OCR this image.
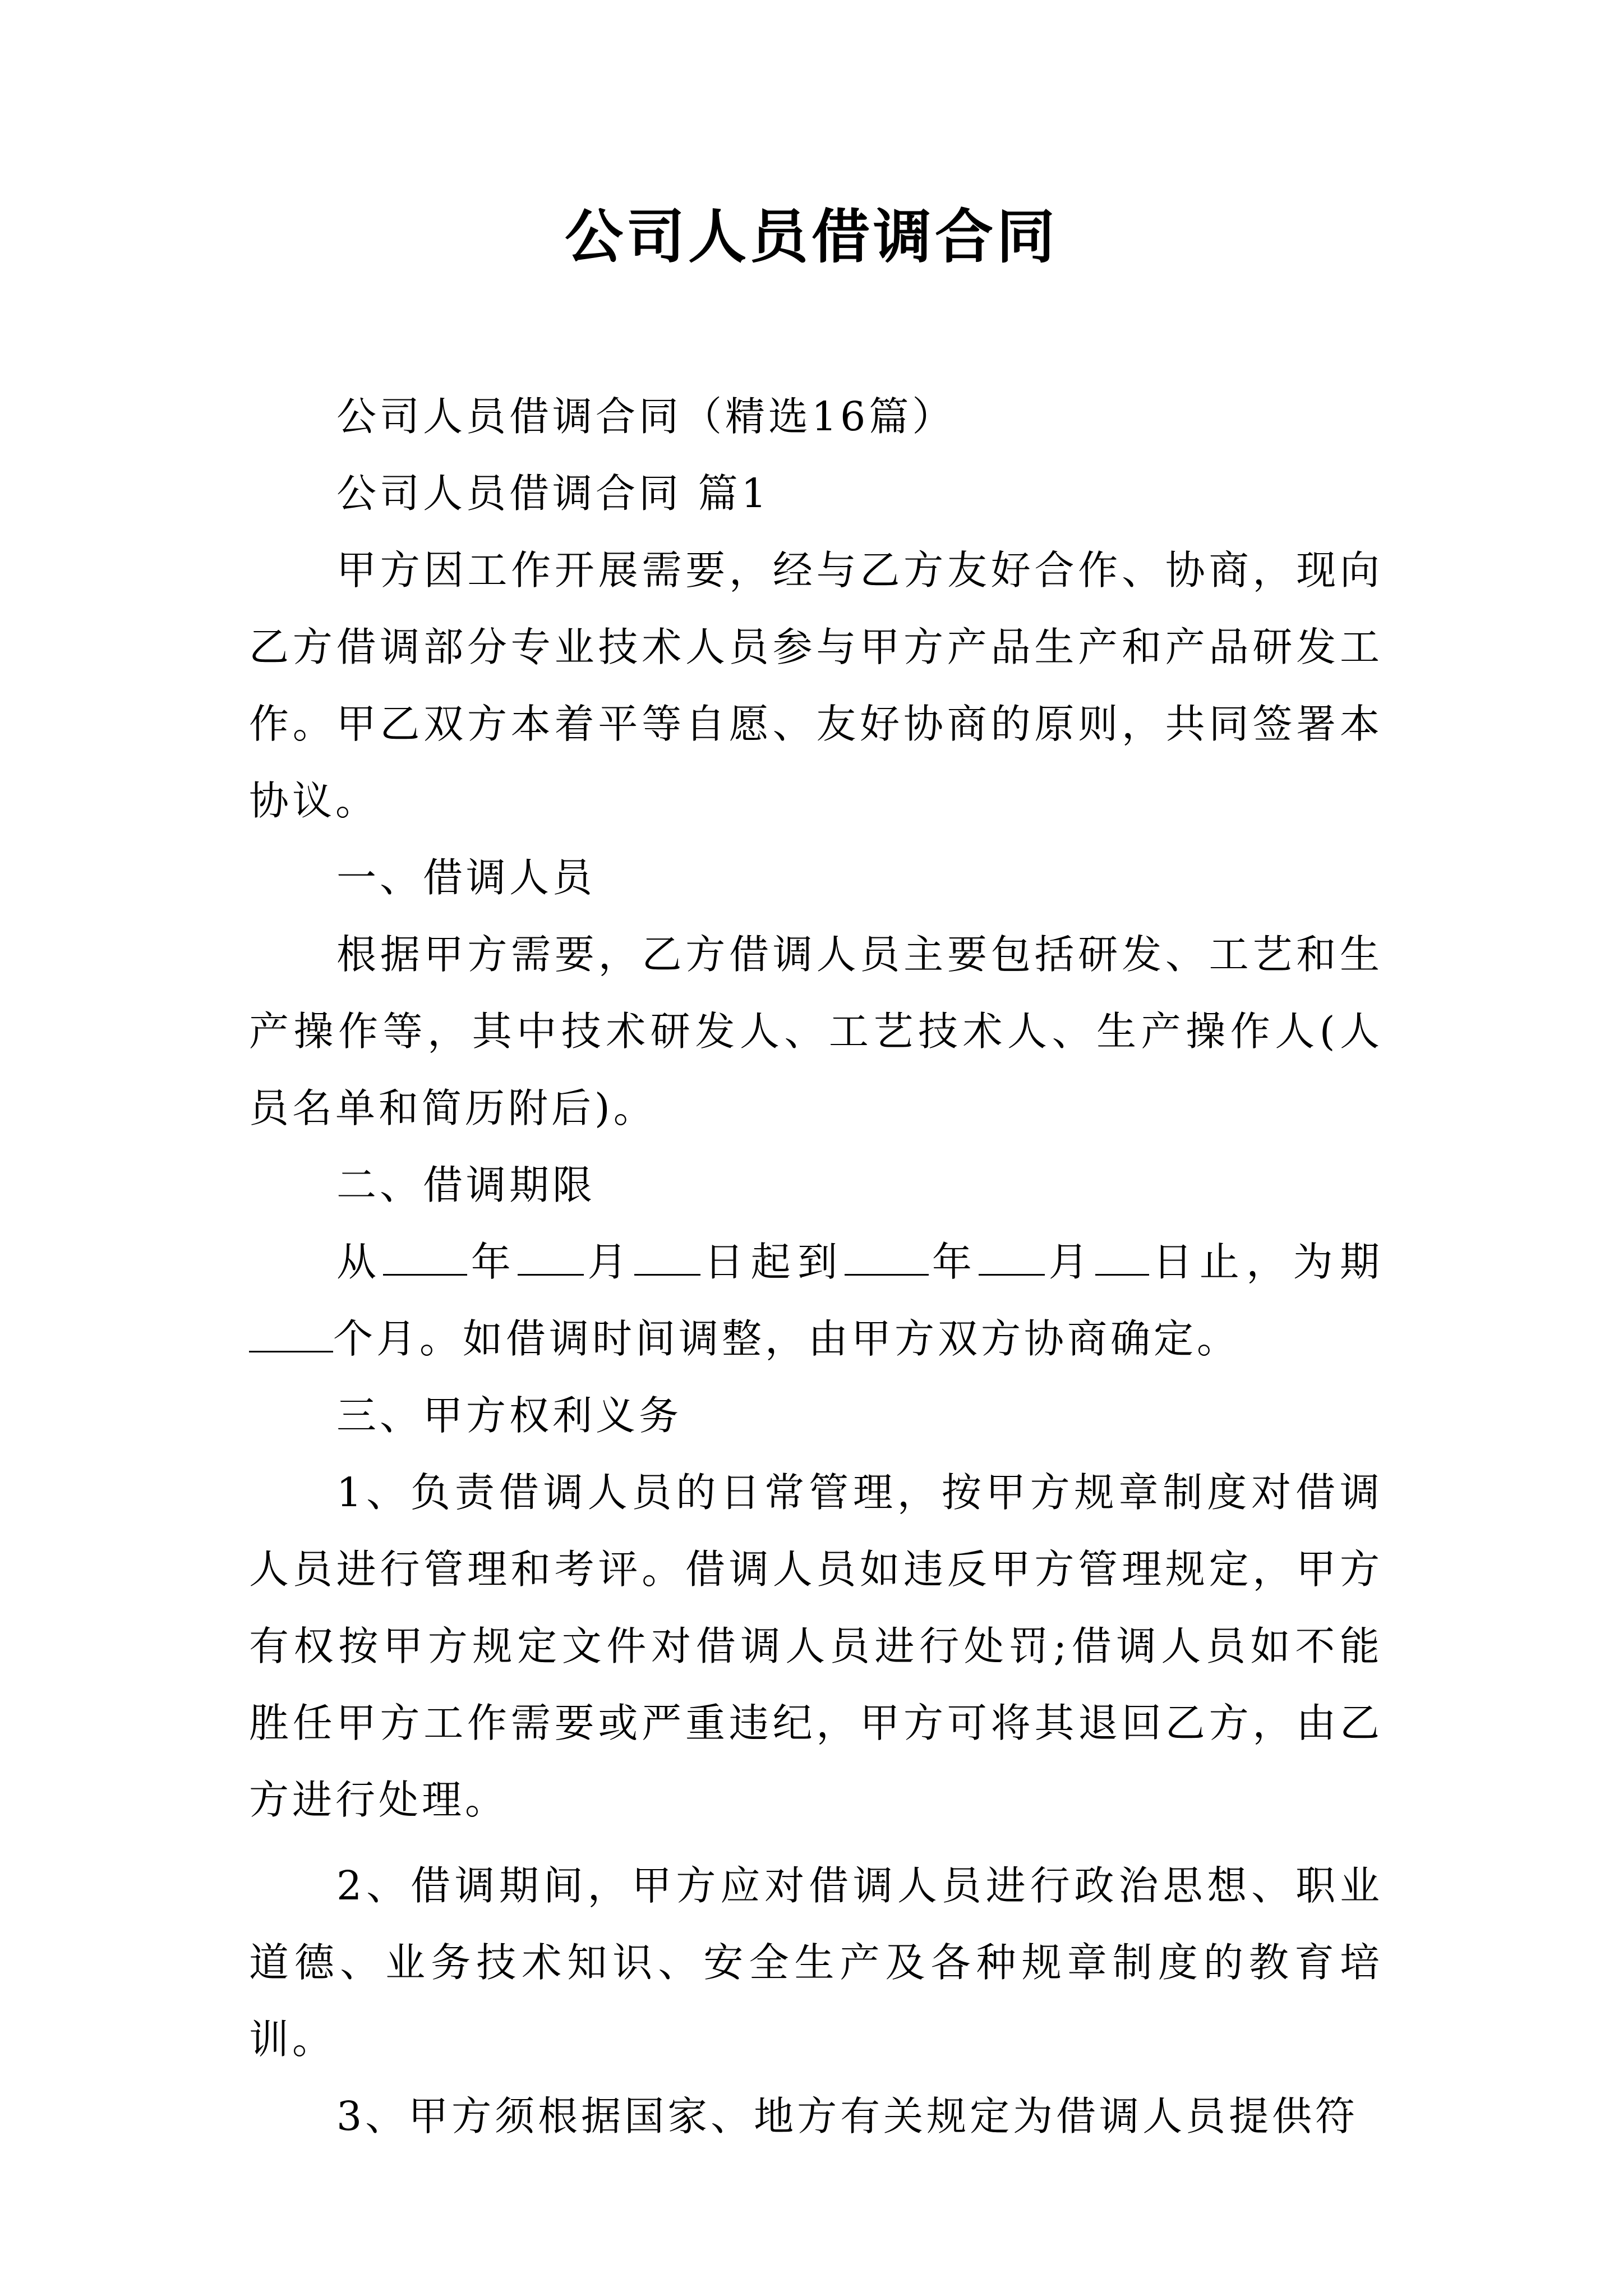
公司人员借调合同

公司人员借调合同（精选16篇）

公司人员借调合同 篇1

甲方因工作开展需要，经与乙方友好合作、协商，现向乙方借调部分专业技术人员参与甲方产品生产和产品研发工作。甲乙双方本着平等自愿、友好协商的原则，共同签署本协议。

一、借调人员

根据甲方需要，乙方借调人员主要包括研发、工艺和生产操作等，其中技术研发人、工艺技术人、生产操作人(人员名单和简历附后)。

二、借调期限

从 年 月 日起到 年 月 日止，为期个月。如借调时间调整，由甲方双方协商确定。

三、甲方权利义务

1、负责借调人员的日常管理，按甲方规章制度对借调人员进行管理和考评。借调人员如违反甲方管理规定，甲方有权按甲方规定文件对借调人员进行处罚;借调人员如不能胜任甲方工作需要或严重违纪，甲方可将其退回乙方，由乙方进行处理。

2、借调期间，甲方应对借调人员进行政治思想、职业道德、业务技术知识、安全生产及各种规章制度的教育培训。

3、甲方须根据国家、地方有关规定为借调人员提供符
